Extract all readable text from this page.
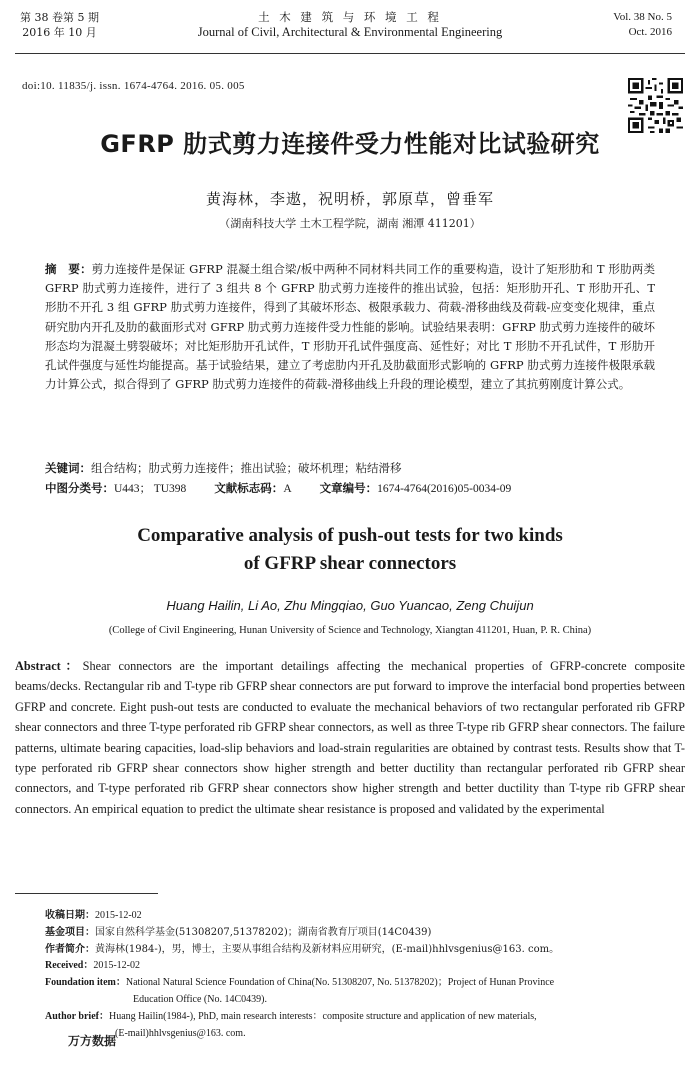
第 38 卷第 5 期
2016 年 10 月
土 木 建 筑 与 环 境 工 程
Journal of Civil, Architectural & Environmental Engineering
Vol. 38 No. 5
Oct. 2016
doi:10. 11835/j. issn. 1674-4764. 2016. 05. 005
GFRP 肋式剪力连接件受力性能对比试验研究
黄海林，李遨，祝明桥，郭原草，曾垂军
（湖南科技大学 土木工程学院，湖南 湘潭 411201）
摘　要：剪力连接件是保证 GFRP 混凝土组合梁/板中两种不同材料共同工作的重要构造，设计了矩形肋和 T 形肋两类 GFRP 肋式剪力连接件，进行了 3 组共 8 个 GFRP 肋式剪力连接件的推出试验，包括：矩形肋开孔、T 形肋开孔、T 形肋不开孔 3 组 GFRP 肋式剪力连接件，得到了其破坏形态、极限承载力、荷载-滑移曲线及荷载-应变变化规律，重点研究肋内开孔及肋的截面形式对 GFRP 肋式剪力连接件受力性能的影响。试验结果表明：GFRP 肋式剪力连接件的破坏形态均为混凝土劈裂破坏；对比矩形肋开孔试件，T 形肋开孔试件强度高、延性好；对比 T 形肋不开孔试件，T 形肋开孔试件强度与延性均能提高。基于试验结果，建立了考虑肋内开孔及肋截面形式影响的 GFRP 肋式剪力连接件极限承载力计算公式，拟合得到了 GFRP 肋式剪力连接件的荷载-滑移曲线上升段的理论模型，建立了其抗剪刚度计算公式。
关键词：组合结构；肋式剪力连接件；推出试验；破坏机理；粘结滑移
中图分类号：U443； TU398 文献标志码：A 文章编号：1674-4764(2016)05-0034-09
Comparative analysis of push-out tests for two kinds
of GFRP shear connectors
Huang Hailin, Li Ao, Zhu Mingqiao, Guo Yuancao, Zeng Chuijun
(College of Civil Engineering, Hunan University of Science and Technology, Xiangtan 411201, Huan, P. R. China)
Abstract：Shear connectors are the important detailings affecting the mechanical properties of GFRP-concrete composite beams/decks. Rectangular rib and T-type rib GFRP shear connectors are put forward to improve the interfacial bond properties between GFRP and concrete. Eight push-out tests are conducted to evaluate the mechanical behaviors of two rectangular perforated rib GFRP shear connectors and three T-type perforated rib GFRP shear connectors, as well as three T-type rib GFRP shear connectors. The failure patterns, ultimate bearing capacities, load-slip behaviors and load-strain regularities are obtained by contrast tests. Results show that T-type perforated rib GFRP shear connectors show higher strength and better ductility than rectangular perforated rib GFRP shear connectors, and T-type perforated rib GFRP shear connectors show higher strength and better ductility than T-type rib GFRP shear connectors. An empirical equation to predict the ultimate shear resistance is proposed and validated by the experimental
收稿日期：2015-12-02
基金项目：国家自然科学基金(51308207,51378202)；湖南省教育厅项目(14C0439)
作者简介：黄海林(1984-)，男，博士，主要从事组合结构及新材料应用研究，(E-mail)hhlvsgenius@163. com。
Received：2015-12-02
Foundation item：National Natural Science Foundation of China(No. 51308207, No. 51378202)；Project of Hunan Province
Education Office (No. 14C0439).
Author brief：Huang Hailin(1984-), PhD, main research interests：composite structure and application of new materials,
(E-mail)hhlvsgenius@163. com.
万方数据
